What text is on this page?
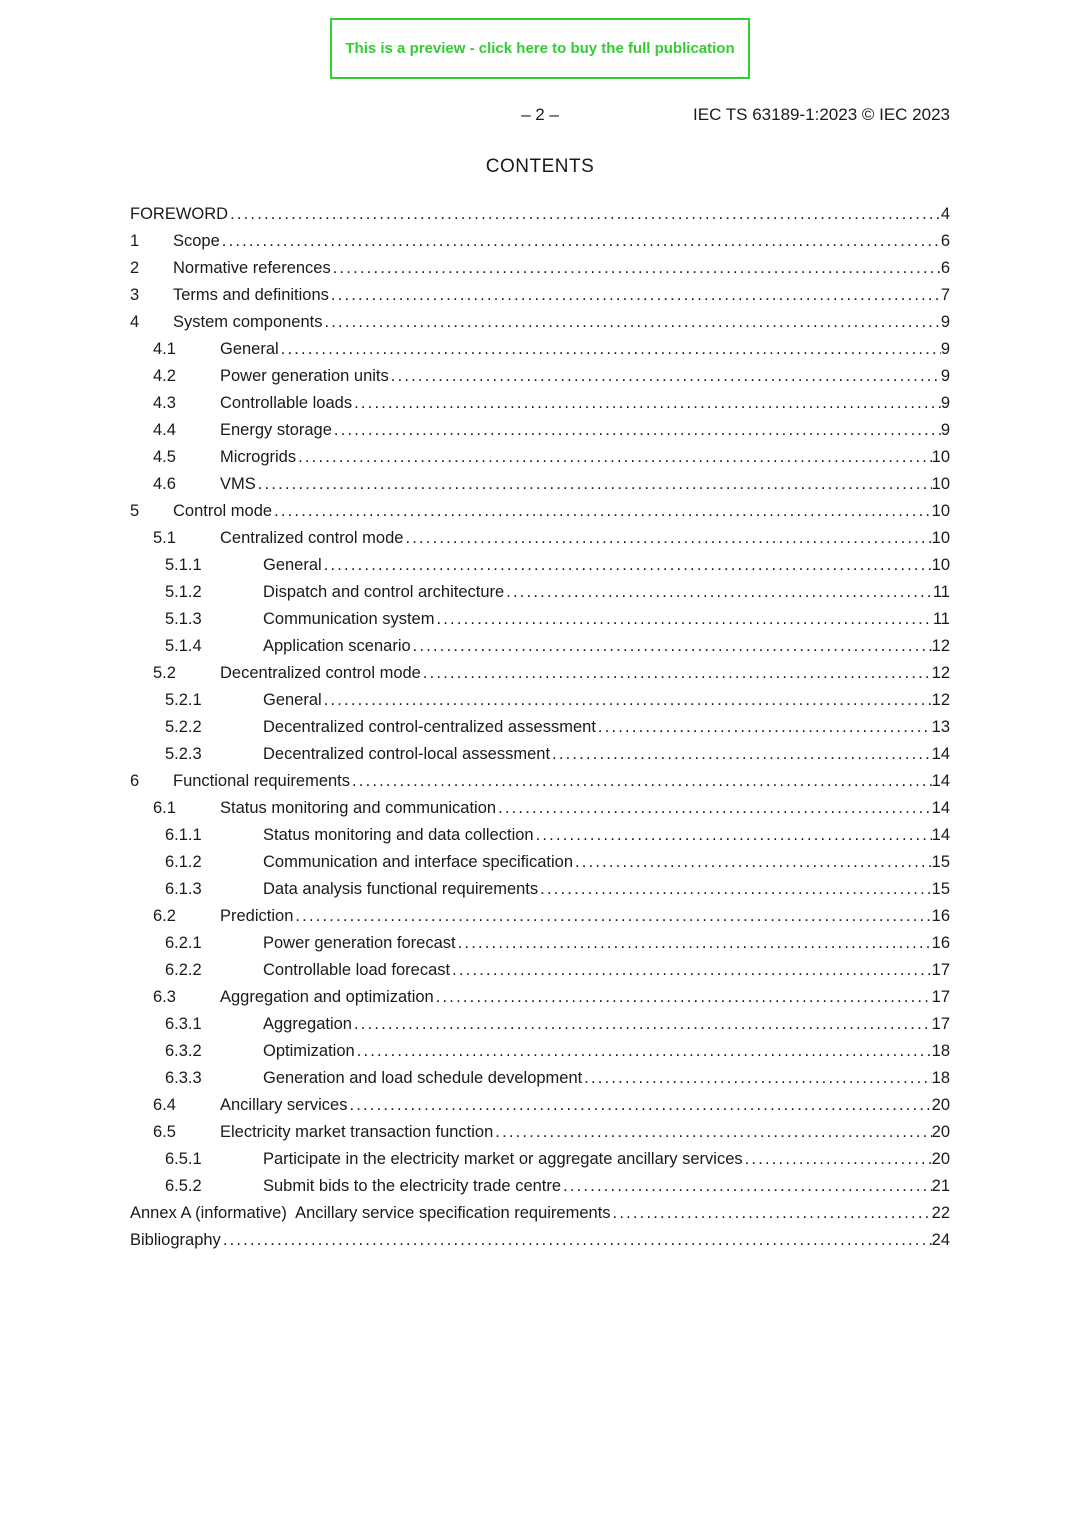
This is a preview - click here to buy the full publication
– 2 –	IEC TS 63189-1:2023 © IEC 2023
CONTENTS
FOREWORD .....	4
1	Scope .....	6
2	Normative references .....	6
3	Terms and definitions .....	7
4	System components .....	9
4.1	General .....	9
4.2	Power generation units .....	9
4.3	Controllable loads .....	9
4.4	Energy storage .....	9
4.5	Microgrids .....	10
4.6	VMS .....	10
5	Control mode .....	10
5.1	Centralized control mode .....	10
5.1.1	General .....	10
5.1.2	Dispatch and control architecture .....	11
5.1.3	Communication system .....	11
5.1.4	Application scenario .....	12
5.2	Decentralized control mode .....	12
5.2.1	General .....	12
5.2.2	Decentralized control-centralized assessment .....	13
5.2.3	Decentralized control-local assessment .....	14
6	Functional requirements .....	14
6.1	Status monitoring and communication .....	14
6.1.1	Status monitoring and data collection .....	14
6.1.2	Communication and interface specification .....	15
6.1.3	Data analysis functional requirements .....	15
6.2	Prediction .....	16
6.2.1	Power generation forecast .....	16
6.2.2	Controllable load forecast .....	17
6.3	Aggregation and optimization .....	17
6.3.1	Aggregation .....	17
6.3.2	Optimization .....	18
6.3.3	Generation and load schedule development .....	18
6.4	Ancillary services .....	20
6.5	Electricity market transaction function .....	20
6.5.1	Participate in the electricity market or aggregate ancillary services .....	20
6.5.2	Submit bids to the electricity trade centre .....	21
Annex A (informative)  Ancillary service specification requirements .....	22
Bibliography .....	24
